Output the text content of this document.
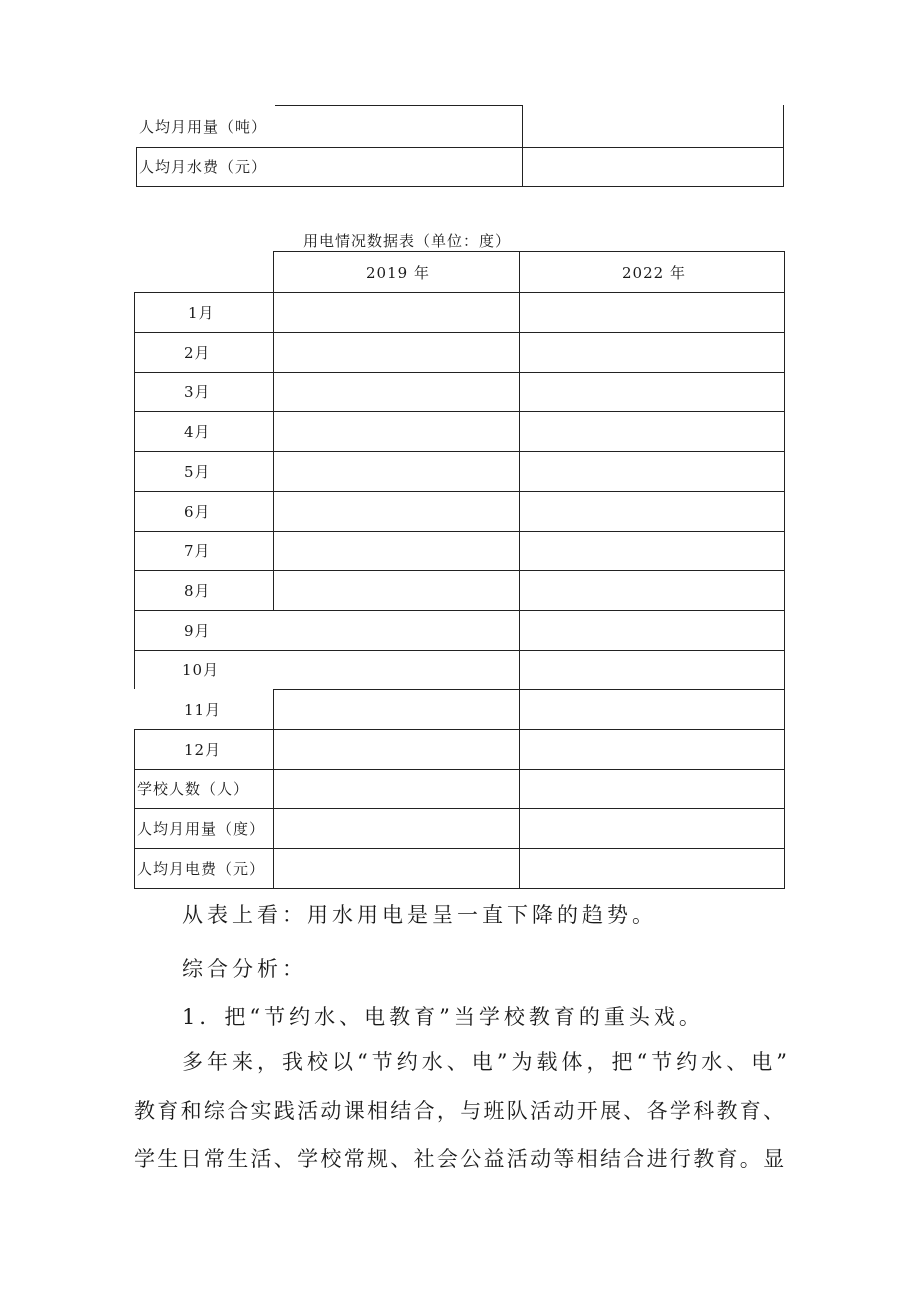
人均月用量（吨）
人均月水费（元）
用电情况数据表（单位：度）
2019 年	2022 年
1月
2月
3月
4月
5月
6月
7月
8月
9月
10月
11月
12月
学校人数（人）
人均月用量（度）
人均月电费（元）
从表上看：用水用电是呈一直下降的趋势。
综合分析：
1．把“节约水、电教育”当学校教育的重头戏。
多年来，我校以“节约水、电”为载体，把“节约水、电”
教育和综合实践活动课相结合，与班队活动开展、各学科教育、
学生日常生活、学校常规、社会公益活动等相结合进行教育。显
